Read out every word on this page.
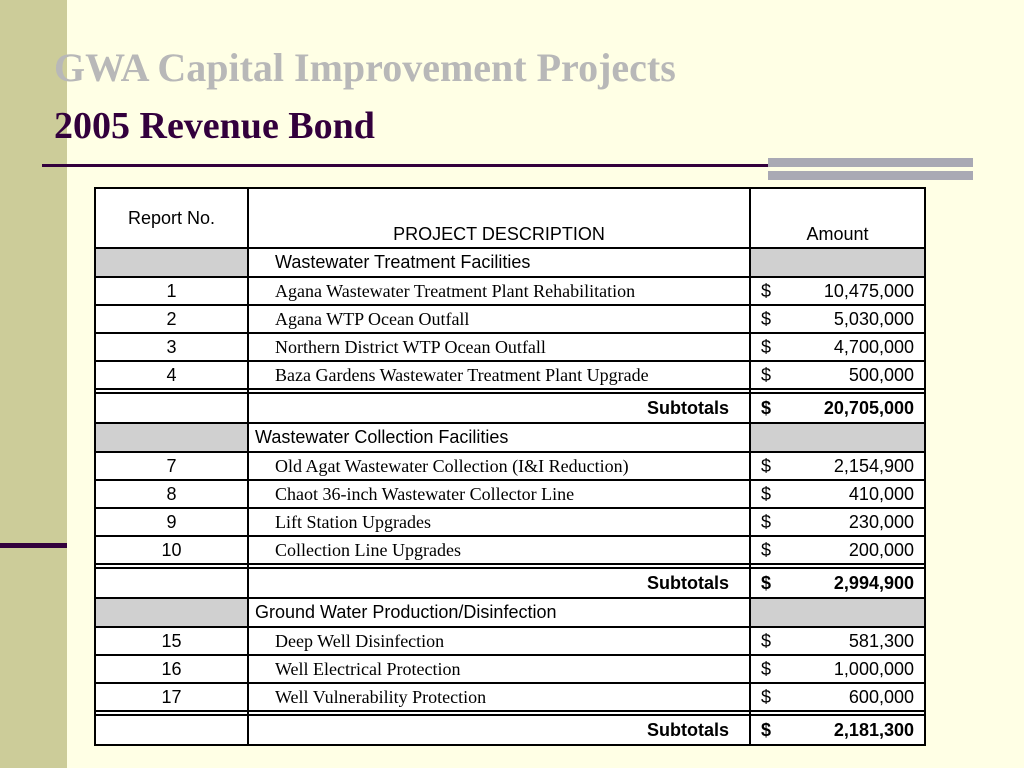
GWA Capital Improvement Projects
2005 Revenue Bond
Report No.	PROJECT DESCRIPTION	Amount
	Wastewater Treatment Facilities	
1	Agana Wastewater Treatment Plant Rehabilitation	$ 10,475,000

2	Agana WTP Ocean Outfall	$ 5,030,000

3	Northern District WTP Ocean Outfall	$ 4,700,000

4	Baza Gardens Wastewater Treatment Plant Upgrade	$ 500,000

	Subtotals	$ 20,705,000

	Wastewater Collection Facilities	
7	Old Agat Wastewater Collection (I&I Reduction)	$ 2,154,900

8	Chaot 36-inch Wastewater Collector Line	$ 410,000

9	Lift Station Upgrades	$ 230,000

10	Collection Line Upgrades	$ 200,000

	Subtotals	$ 2,994,900

	Ground Water Production/Disinfection	
15	Deep Well Disinfection	$ 581,300

16	Well Electrical Protection	$ 1,000,000

17	Well Vulnerability Protection	$ 600,000

	Subtotals	$ 2,181,300
